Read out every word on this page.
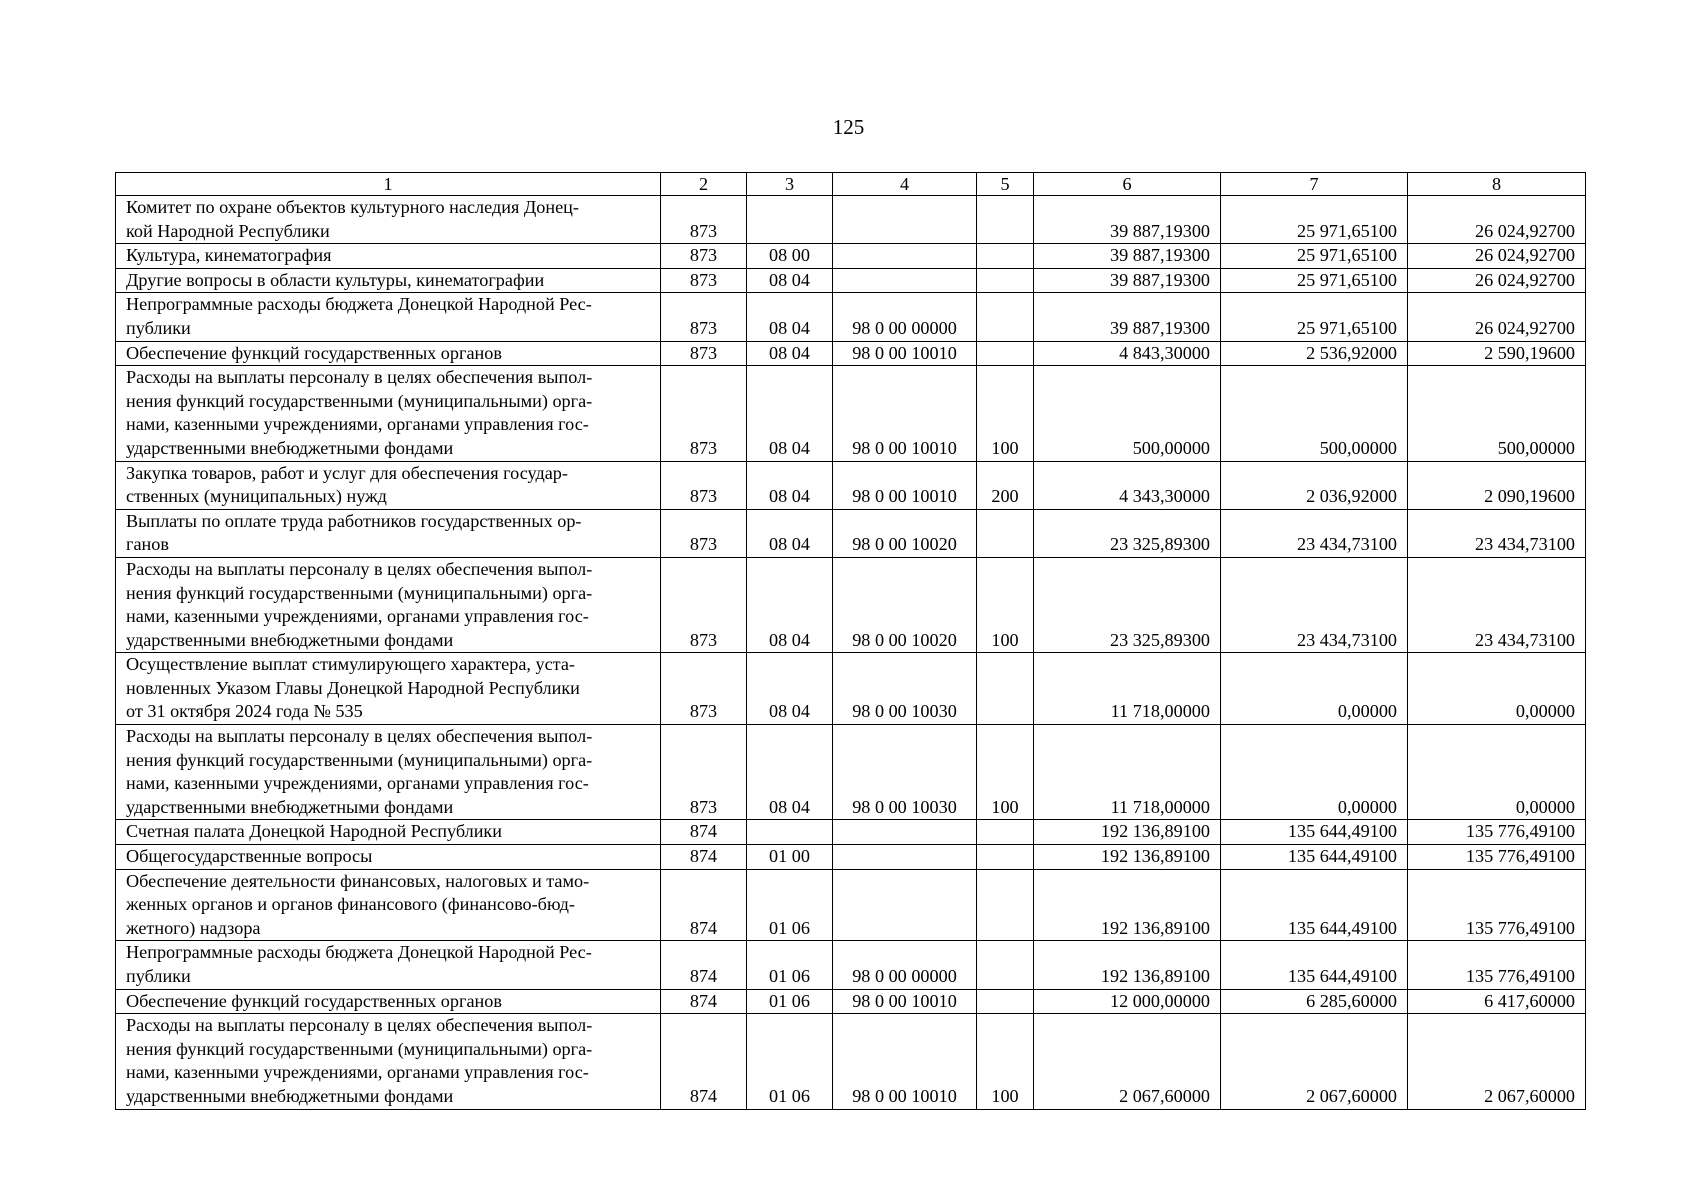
125
1	2	3	4	5	6	7	8

Комитет по охране объектов культурного наследия Донец-
кой Народной Республики	873				39 887,19300	25 971,65100	26 024,92700

Культура, кинематография	873	08 00			39 887,19300	25 971,65100	26 024,92700

Другие вопросы в области культуры, кинематографии	873	08 04			39 887,19300	25 971,65100	26 024,92700

Непрограммные расходы бюджета Донецкой Народной Рес-
публики	873	08 04	98 0 00 00000		39 887,19300	25 971,65100	26 024,92700

Обеспечение функций государственных органов	873	08 04	98 0 00 10010		4 843,30000	2 536,92000	2 590,19600

Расходы на выплаты персоналу в целях обеспечения выпол-
нения функций государственными (муниципальными) орга-
нами, казенными учреждениями, органами управления гос-
ударственными внебюджетными фондами	873	08 04	98 0 00 10010	100	500,00000	500,00000	500,00000

Закупка товаров, работ и услуг для обеспечения государ-
ственных (муниципальных) нужд	873	08 04	98 0 00 10010	200	4 343,30000	2 036,92000	2 090,19600

Выплаты по оплате труда работников государственных ор-
ганов	873	08 04	98 0 00 10020		23 325,89300	23 434,73100	23 434,73100

Расходы на выплаты персоналу в целях обеспечения выпол-
нения функций государственными (муниципальными) орга-
нами, казенными учреждениями, органами управления гос-
ударственными внебюджетными фондами	873	08 04	98 0 00 10020	100	23 325,89300	23 434,73100	23 434,73100

Осуществление выплат стимулирующего характера, уста-
новленных Указом Главы Донецкой Народной Республики
от 31 октября 2024 года № 535	873	08 04	98 0 00 10030		11 718,00000	0,00000	0,00000

Расходы на выплаты персоналу в целях обеспечения выпол-
нения функций государственными (муниципальными) орга-
нами, казенными учреждениями, органами управления гос-
ударственными внебюджетными фондами	873	08 04	98 0 00 10030	100	11 718,00000	0,00000	0,00000

Счетная палата Донецкой Народной Республики	874				192 136,89100	135 644,49100	135 776,49100

Общегосударственные вопросы	874	01 00			192 136,89100	135 644,49100	135 776,49100

Обеспечение деятельности финансовых, налоговых и тамо-
женных органов и органов финансового (финансово-бюд-
жетного) надзора	874	01 06			192 136,89100	135 644,49100	135 776,49100

Непрограммные расходы бюджета Донецкой Народной Рес-
публики	874	01 06	98 0 00 00000		192 136,89100	135 644,49100	135 776,49100

Обеспечение функций государственных органов	874	01 06	98 0 00 10010		12 000,00000	6 285,60000	6 417,60000

Расходы на выплаты персоналу в целях обеспечения выпол-
нения функций государственными (муниципальными) орга-
нами, казенными учреждениями, органами управления гос-
ударственными внебюджетными фондами	874	01 06	98 0 00 10010	100	2 067,60000	2 067,60000	2 067,60000
